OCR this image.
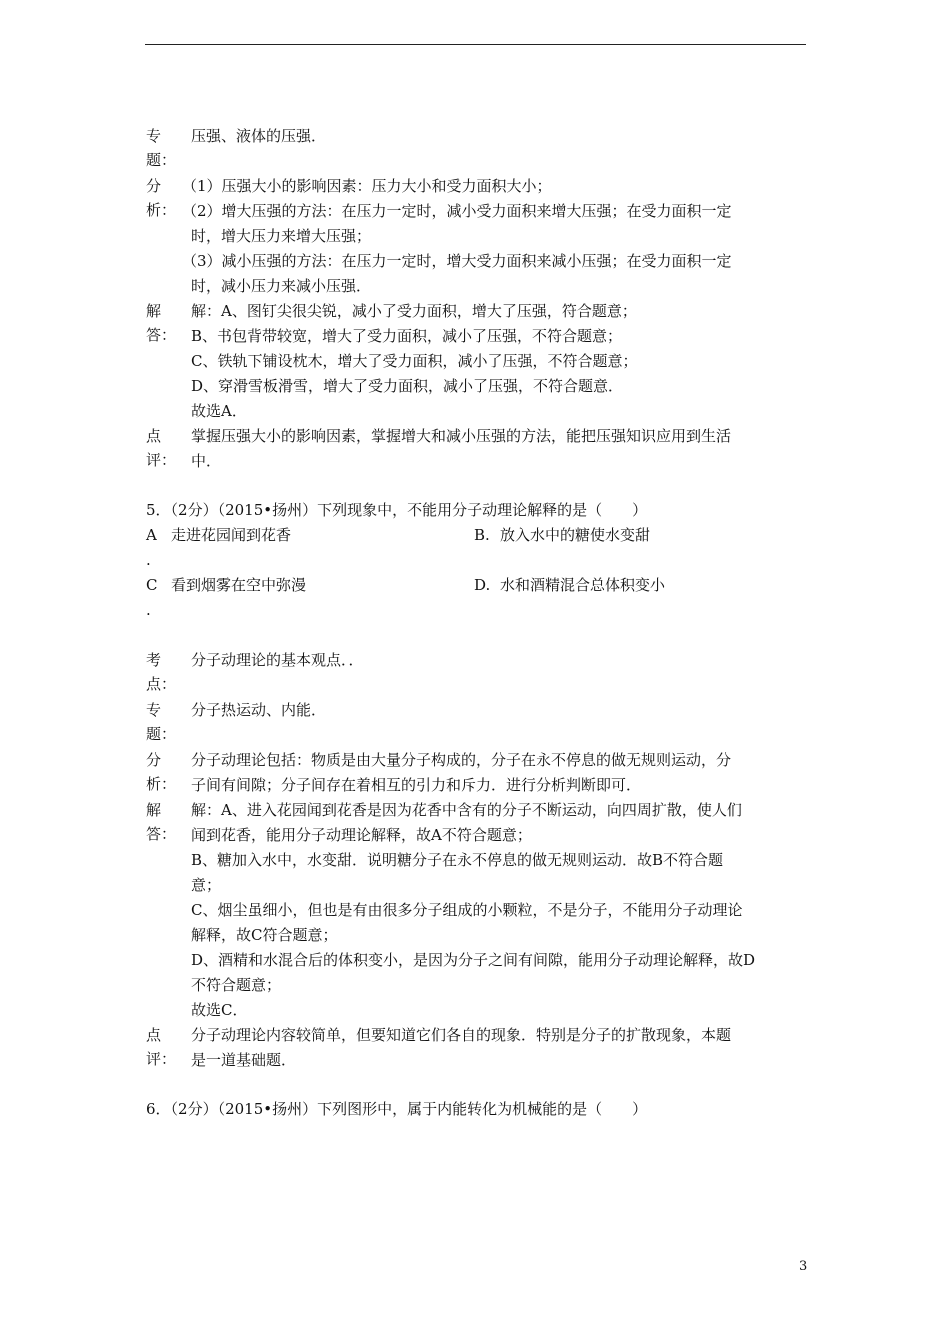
专
题：
压强、液体的压强．
分
析：
（1）压强大小的影响因素：压力大小和受力面积大小；
（2）增大压强的方法：在压力一定时，减小受力面积来增大压强；在受力面积一定
时，增大压力来增大压强；
（3）减小压强的方法：在压力一定时，增大受力面积来减小压强；在受力面积一定
时，减小压力来减小压强．
解
答：
解：A、图钉尖很尖锐，减小了受力面积，增大了压强，符合题意；
B、书包背带较宽，增大了受力面积，减小了压强，不符合题意；
C、铁轨下铺设枕木，增大了受力面积，减小了压强，不符合题意；
D、穿滑雪板滑雪，增大了受力面积，减小了压强，不符合题意．
故选A．
点
评：
掌握压强大小的影响因素，掌握增大和减小压强的方法，能把压强知识应用到生活
中．
5．（2分）（2015•扬州）下列现象中，不能用分子动理论解释的是（　　）
A
.
走进花园闻到花香	B. 放入水中的糖使水变甜
C
.
看到烟雾在空中弥漫	D. 水和酒精混合总体积变小
考
点：
分子动理论的基本观点．．
专
题：
分子热运动、内能．
分
析：
分子动理论包括：物质是由大量分子构成的，分子在永不停息的做无规则运动，分
子间有间隙；分子间存在着相互的引力和斥力．进行分析判断即可．
解
答：
解：A、进入花园闻到花香是因为花香中含有的分子不断运动，向四周扩散，使人们
闻到花香，能用分子动理论解释，故A不符合题意；
B、糖加入水中，水变甜．说明糖分子在永不停息的做无规则运动．故B不符合题
意；
C、烟尘虽细小，但也是有由很多分子组成的小颗粒，不是分子，不能用分子动理论
解释，故C符合题意；
D、酒精和水混合后的体积变小，是因为分子之间有间隙，能用分子动理论解释，故D
不符合题意；
故选C．
点
评：
分子动理论内容较简单，但要知道它们各自的现象．特别是分子的扩散现象，本题
是一道基础题．
6．（2分）（2015•扬州）下列图形中，属于内能转化为机械能的是（　　）
3
